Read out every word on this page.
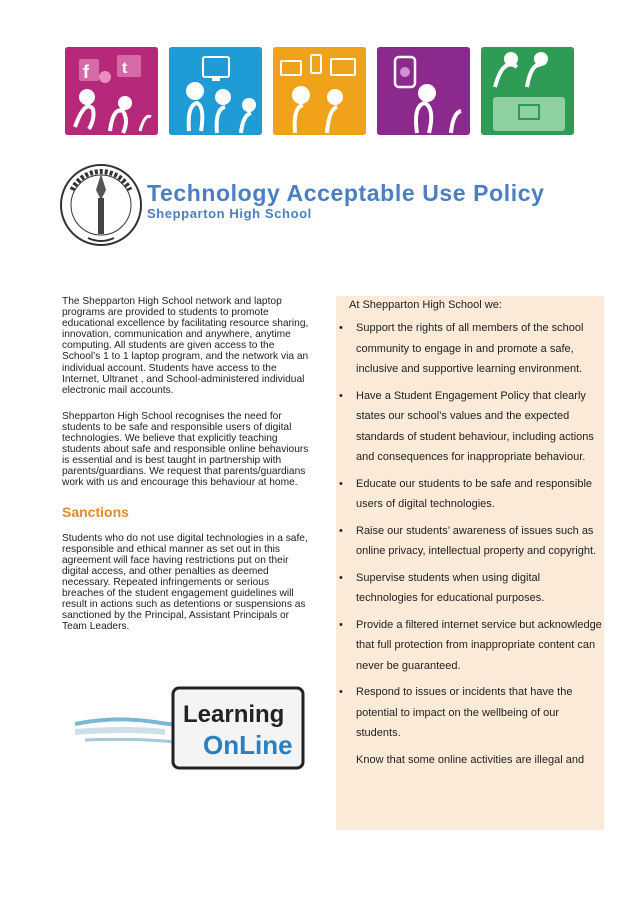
f t
Technology Acceptable Use Policy
Shepparton High School

The Shepparton High School network and laptop programs are provided to students to promote educational excellence by facilitating resource sharing, innovation, communication and anywhere, anytime computing. All students are given access to the School’s 1 to 1 laptop program, and the network via an individual account. Students have access to the Internet, Ultranet , and School-administered individual electronic mail accounts.

Shepparton High School recognises the need for students to be safe and responsible users of digital technologies. We believe that explicitly teaching students about safe and responsible online behaviours is essential and is best taught in partnership with parents/guardians. We request that parents/guardians work with us and encourage this behaviour at home.

Sanctions

Students who do not use digital technologies in a safe, responsible and ethical manner as set out in this agreement will face having restrictions put on their digital access, and other penalties as deemed necessary. Repeated infringements or serious breaches of the student engagement guidelines will result in actions such as detentions or suspensions as sanctioned by the Principal, Assistant Principals or Team Leaders.

Learning
OnLine
At Shepparton High School we:
•	Support the rights of all members of the school community to engage in and promote a safe, inclusive and supportive learning environment.
•	Have a Student Engagement Policy that clearly states our school’s values and the expected standards of student behaviour, including actions and consequences for inappropriate behaviour.
•	Educate our students to be safe and responsible users of digital technologies.
•	Raise our students’ awareness of issues such as online privacy, intellectual property and copyright.
•	Supervise students when using digital technologies for educational purposes.
•	Provide a filtered internet service but acknowledge that full protection from inappropriate content can never be guaranteed.
•	Respond to issues or incidents that have the potential to impact on the wellbeing of our students.
Know that some online activities are illegal and
